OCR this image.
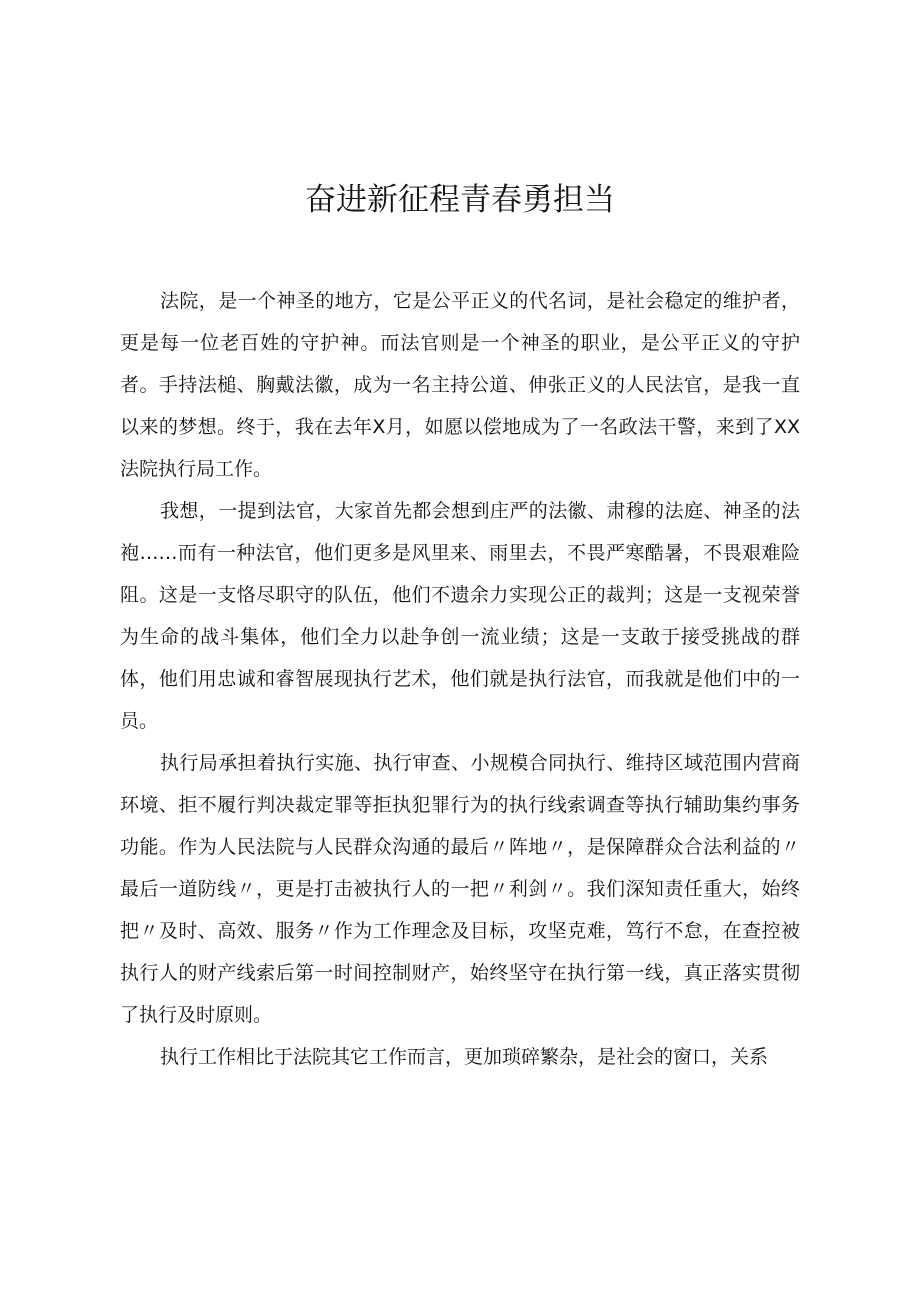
奋进新征程青春勇担当

法院，是一个神圣的地方，它是公平正义的代名词，是社会稳定的维护者，更是每一位老百姓的守护神。而法官则是一个神圣的职业，是公平正义的守护者。手持法槌、胸戴法徽，成为一名主持公道、伸张正义的人民法官，是我一直以来的梦想。终于，我在去年X月，如愿以偿地成为了一名政法干警，来到了XX法院执行局工作。

我想，一提到法官，大家首先都会想到庄严的法徽、肃穆的法庭、神圣的法袍……而有一种法官，他们更多是风里来、雨里去，不畏严寒酷暑，不畏艰难险阻。这是一支恪尽职守的队伍，他们不遗余力实现公正的裁判；这是一支视荣誉为生命的战斗集体，他们全力以赴争创一流业绩；这是一支敢于接受挑战的群体，他们用忠诚和睿智展现执行艺术，他们就是执行法官，而我就是他们中的一员。

执行局承担着执行实施、执行审查、小规模合同执行、维持区域范围内营商环境、拒不履行判决裁定罪等拒执犯罪行为的执行线索调查等执行辅助集约事务功能。作为人民法院与人民群众沟通的最后〃阵地〃，是保障群众合法利益的〃最后一道防线〃，更是打击被执行人的一把〃利剑〃。我们深知责任重大，始终把〃及时、高效、服务〃作为工作理念及目标，攻坚克难，笃行不怠，在查控被执行人的财产线索后第一时间控制财产，始终坚守在执行第一线，真正落实贯彻了执行及时原则。

执行工作相比于法院其它工作而言，更加琐碎繁杂，是社会的窗口，关系
